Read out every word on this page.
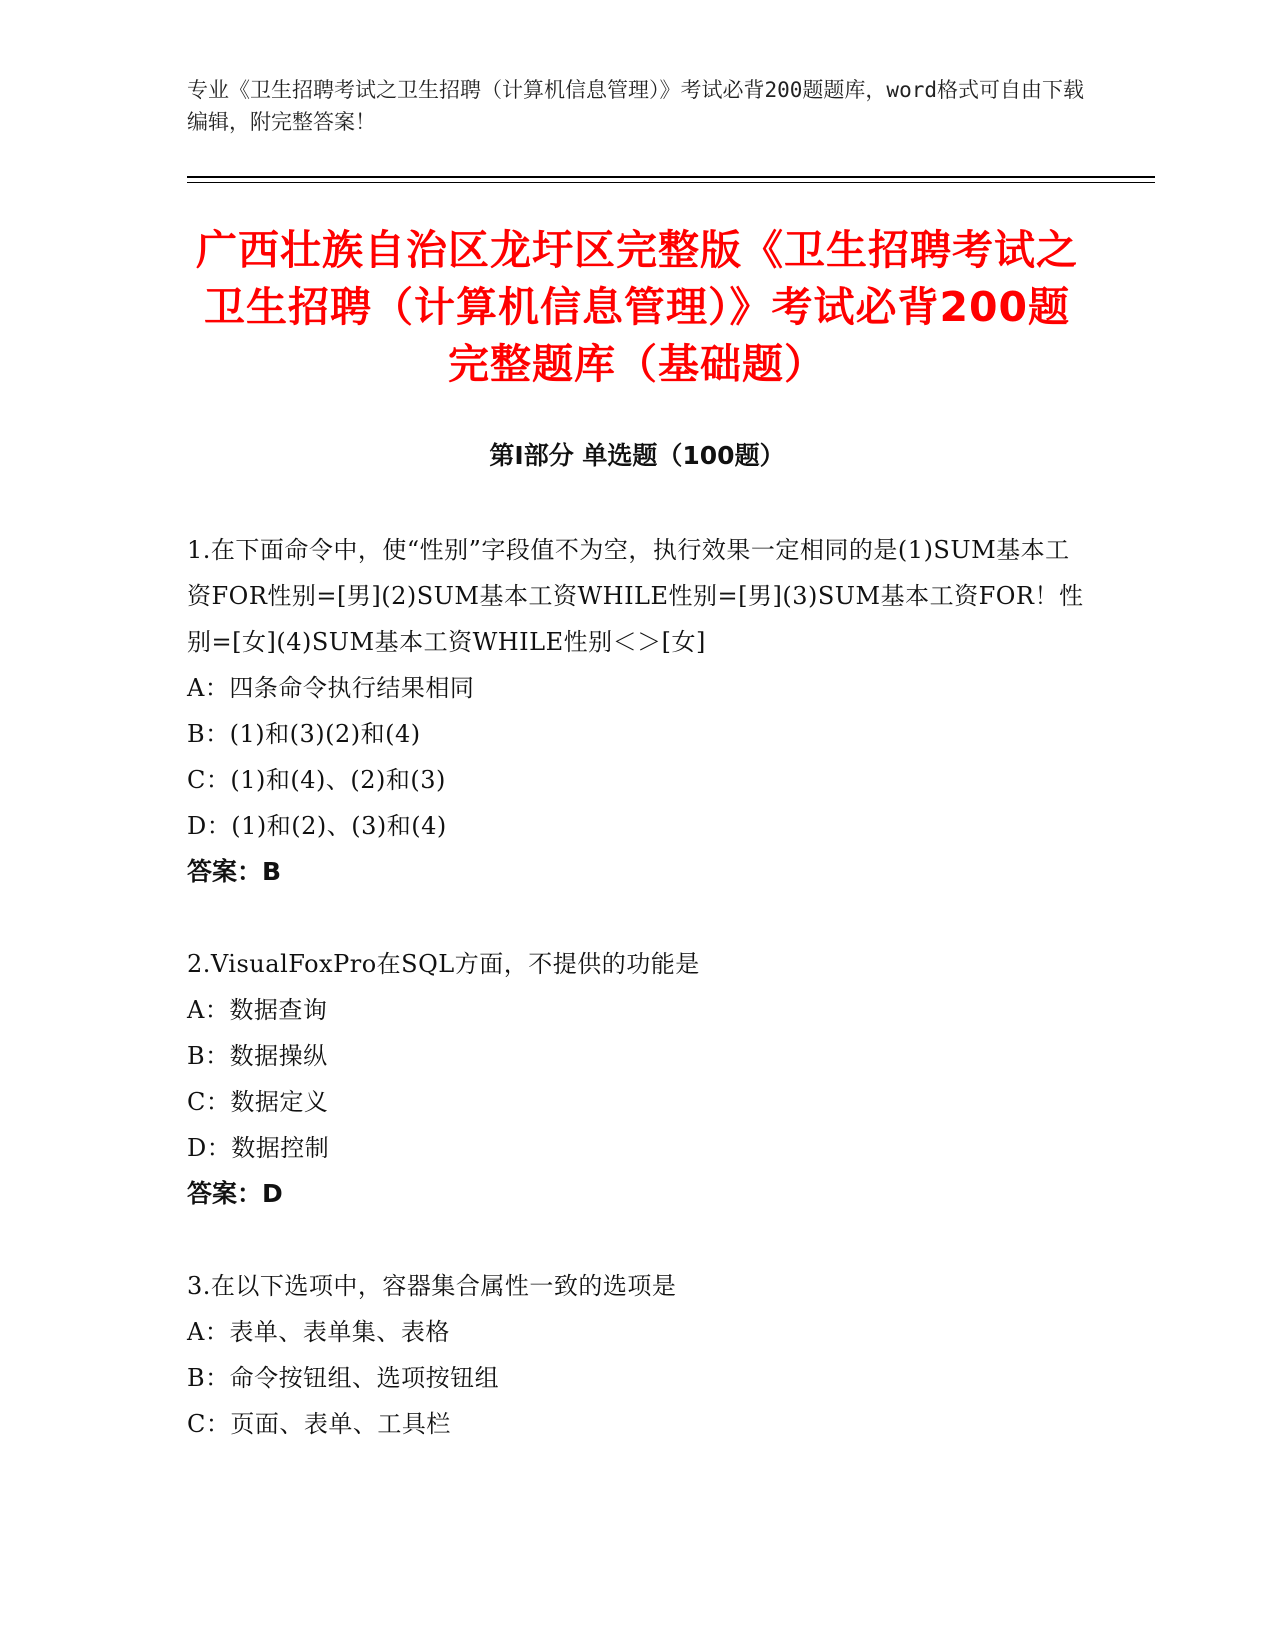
专业《卫生招聘考试之卫生招聘（计算机信息管理）》考试必背200题题库，word格式可自由下载编辑，附完整答案！
广西壮族自治区龙圩区完整版《卫生招聘考试之卫生招聘（计算机信息管理）》考试必背200题完整题库（基础题）
第Ⅰ部分 单选题（100题）
1.在下面命令中，使“性别”字段值不为空，执行效果一定相同的是(1)SUM基本工资FOR性别=[男](2)SUM基本工资WHILE性别=[男](3)SUM基本工资FOR！性别=[女](4)SUM基本工资WHILE性别＜＞[女]
A：四条命令执行结果相同
B：(1)和(3)(2)和(4)
C：(1)和(4)、(2)和(3)
D：(1)和(2)、(3)和(4)
答案：B
2.VisualFoxPro在SQL方面，不提供的功能是
A：数据查询
B：数据操纵
C：数据定义
D：数据控制
答案：D
3.在以下选项中，容器集合属性一致的选项是
A：表单、表单集、表格
B：命令按钮组、选项按钮组
C：页面、表单、工具栏
